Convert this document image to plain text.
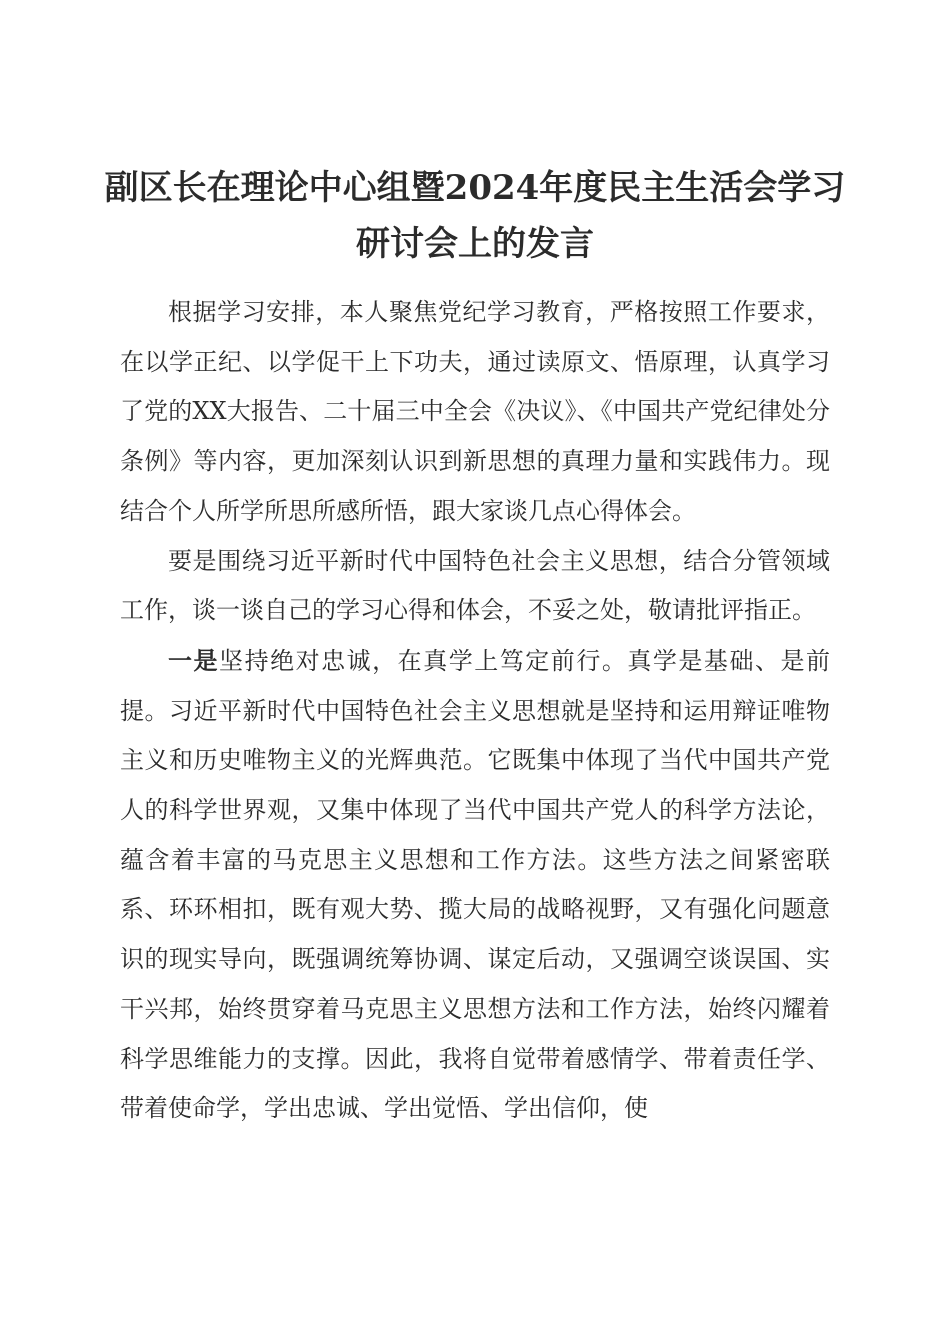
副区长在理论中心组暨2024年度民主生活会学习研讨会上的发言

根据学习安排，本人聚焦党纪学习教育，严格按照工作要求，在以学正纪、以学促干上下功夫，通过读原文、悟原理，认真学习了党的XX大报告、二十届三中全会《决议》、《中国共产党纪律处分条例》等内容，更加深刻认识到新思想的真理力量和实践伟力。现结合个人所学所思所感所悟，跟大家谈几点心得体会。

要是围绕习近平新时代中国特色社会主义思想，结合分管领域工作，谈一谈自己的学习心得和体会，不妥之处，敬请批评指正。

一是坚持绝对忠诚，在真学上笃定前行。真学是基础、是前提。习近平新时代中国特色社会主义思想就是坚持和运用辩证唯物主义和历史唯物主义的光辉典范。它既集中体现了当代中国共产党人的科学世界观，又集中体现了当代中国共产党人的科学方法论，蕴含着丰富的马克思主义思想和工作方法。这些方法之间紧密联系、环环相扣，既有观大势、揽大局的战略视野，又有强化问题意识的现实导向，既强调统筹协调、谋定后动，又强调空谈误国、实干兴邦，始终贯穿着马克思主义思想方法和工作方法，始终闪耀着科学思维能力的支撑。因此，我将自觉带着感情学、带着责任学、带着使命学，学出忠诚、学出觉悟、学出信仰，使
